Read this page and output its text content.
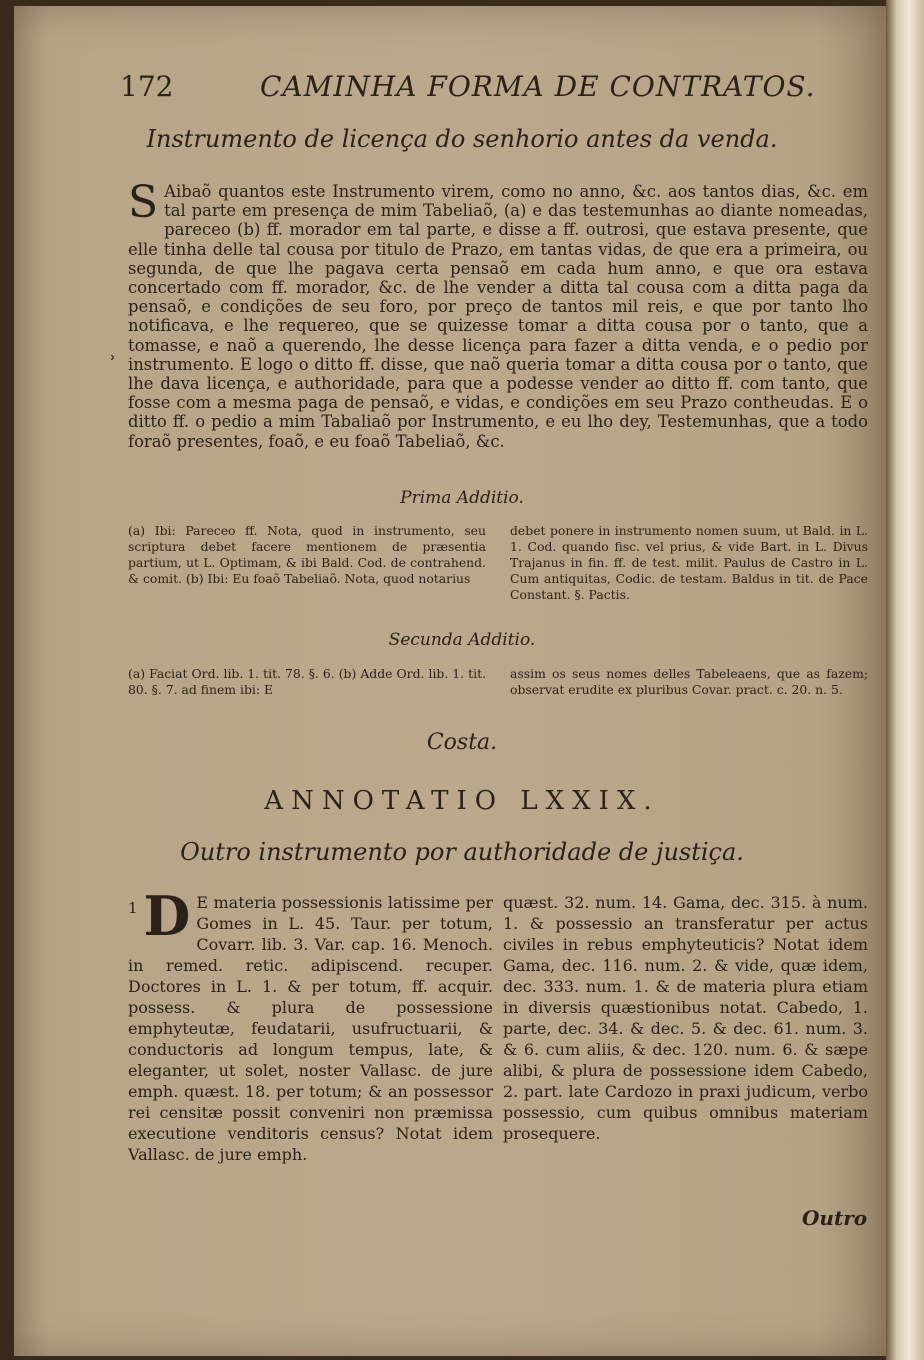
˒
172	CAMINHA FORMA DE CONTRATOS.
Instrumento de licença do senhorio antes da venda.
S Aibaõ quantos este Instrumento virem, como no anno, &c. aos tantos dias, &c. em tal parte em presença de mim Tabeliaõ, (a) e das testemunhas ao diante nomeadas, pareceo (b) ff. morador em tal parte, e disse a ff. outrosi, que estava presente, que elle tinha delle tal cousa por titulo de Prazo, em tantas vidas, de que era a primeira, ou segunda, de que lhe pagava certa pensaõ em cada hum anno, e que ora estava concertado com ff. morador, &c. de lhe vender a ditta tal cousa com a ditta paga da pensaõ, e condições de seu foro, por preço de tantos mil reis, e que por tanto lho notificava, e lhe requereo, que se quizesse tomar a ditta cousa por o tanto, que a tomasse, e naõ a querendo, lhe desse licença para fazer a ditta venda, e o pedio por instrumento. E logo o ditto ff. disse, que naõ queria tomar a ditta cousa por o tanto, que lhe dava licença, e authoridade, para que a podesse vender ao ditto ff. com tanto, que fosse com a mesma paga de pensaõ, e vidas, e condições em seu Prazo contheudas. E o ditto ff. o pedio a mim Tabaliaõ por Instrumento, e eu lho dey, Testemunhas, que a todo foraõ presentes, foaõ, e eu foaõ Tabeliaõ, &c.
Prima Additio.
(a) Ibi: Pareceo ff. Nota, quod in instrumento, seu scriptura debet facere mentionem de præsentia partium, ut L. Optimam, & ibi Bald. Cod. de contrahend. & comit. (b) Ibi: Eu foaõ Tabeliaõ. Nota, quod notarius
debet ponere in instrumento nomen suum, ut Bald. in L. 1. Cod. quando fisc. vel prius, & vide Bart. in L. Divus Trajanus in fin. ff. de test. milit. Paulus de Castro in L. Cum antiquitas, Codic. de testam. Baldus in tit. de Pace Constant. §. Pactis.
Secunda Additio.
(a) Faciat Ord. lib. 1. tit. 78. §. 6. (b) Adde Ord. lib. 1. tit. 80. §. 7. ad finem ibi: E
assim os seus nomes delles Tabeleaens, que as fazem; observat erudite ex pluribus Covar. pract. c. 20. n. 5.
Costa.
ANNOTATIO LXXIX.
Outro instrumento por authoridade de justiça.
1 D E materia possessionis latissime per Gomes in L. 45. Taur. per totum, Covarr. lib. 3. Var. cap. 16. Menoch. in remed. retic. adipiscend. recuper. Doctores in L. 1. & per totum, ff. acquir. possess. & plura de possessione emphyteutæ, feudatarii, usufructuarii, & conductoris ad longum tempus, late, & eleganter, ut solet, noster Vallasc. de jure emph. quæst. 18. per totum; & an possessor rei censitæ possit conveniri non præmissa executione venditoris census? Notat idem Vallasc. de jure emph.
quæst. 32. num. 14. Gama, dec. 315. à num. 1. & possessio an transferatur per actus civiles in rebus emphyteuticis? Notat idem Gama, dec. 116. num. 2. & vide, quæ idem, dec. 333. num. 1. & de materia plura etiam in diversis quæstionibus notat. Cabedo, 1. parte, dec. 34. & dec. 5. & dec. 61. num. 3. & 6. cum aliis, & dec. 120. num. 6. & sæpe alibi, & plura de possessione idem Cabedo, 2. part. late Cardozo in praxi judicum, verbo possessio, cum quibus omnibus materiam prosequere.
Outro
